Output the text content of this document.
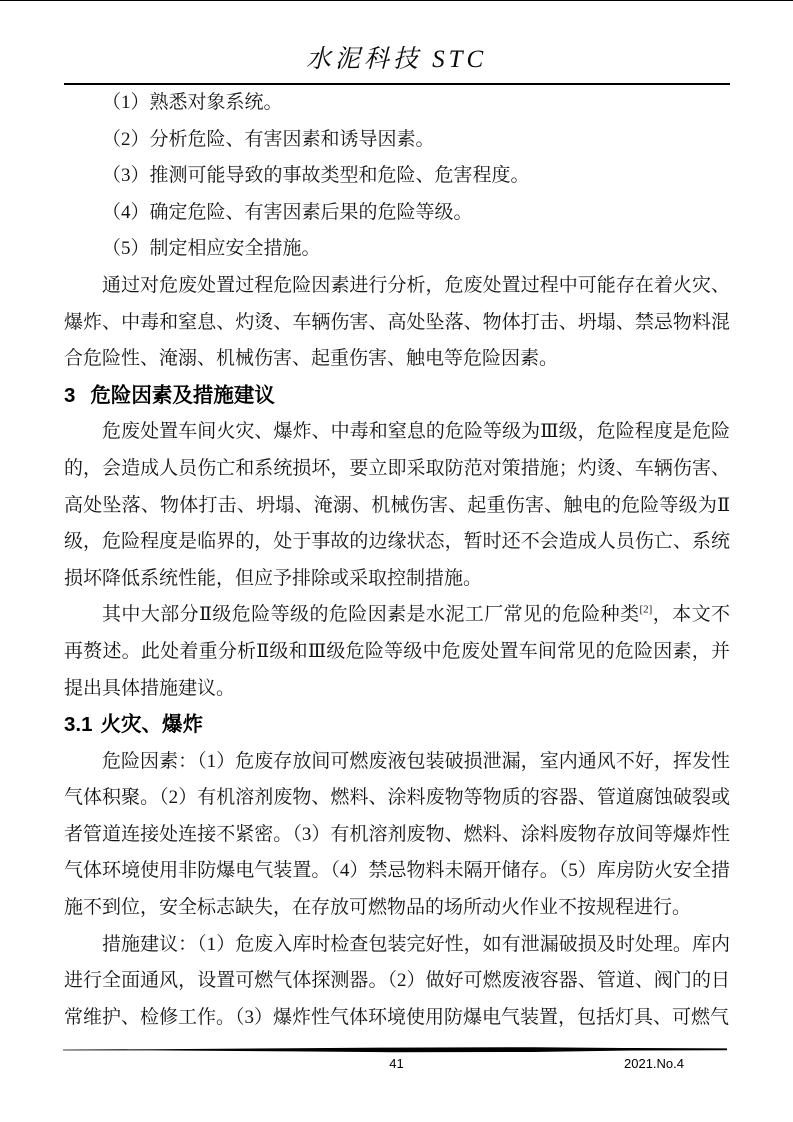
水泥科技 STC

（1）熟悉对象系统。

（2）分析危险、有害因素和诱导因素。

（3）推测可能导致的事故类型和危险、危害程度。

（4）确定危险、有害因素后果的危险等级。

（5）制定相应安全措施。

通过对危废处置过程危险因素进行分析，危废处置过程中可能存在着火灾、爆炸、中毒和窒息、灼烫、车辆伤害、高处坠落、物体打击、坍塌、禁忌物料混合危险性、淹溺、机械伤害、起重伤害、触电等危险因素。

3 危险因素及措施建议

危废处置车间火灾、爆炸、中毒和窒息的危险等级为Ⅲ级，危险程度是危险的，会造成人员伤亡和系统损坏，要立即采取防范对策措施；灼烫、车辆伤害、高处坠落、物体打击、坍塌、淹溺、机械伤害、起重伤害、触电的危险等级为Ⅱ级，危险程度是临界的，处于事故的边缘状态，暂时还不会造成人员伤亡、系统损坏降低系统性能，但应予排除或采取控制措施。

其中大部分Ⅱ级危险等级的危险因素是水泥工厂常见的危险种类[2]，本文不再赘述。此处着重分析Ⅱ级和Ⅲ级危险等级中危废处置车间常见的危险因素，并提出具体措施建议。

3.1 火灾、爆炸

危险因素：（1）危废存放间可燃废液包装破损泄漏，室内通风不好，挥发性气体积聚。（2）有机溶剂废物、燃料、涂料废物等物质的容器、管道腐蚀破裂或者管道连接处连接不紧密。（3）有机溶剂废物、燃料、涂料废物存放间等爆炸性气体环境使用非防爆电气装置。（4）禁忌物料未隔开储存。（5）库房防火安全措施不到位，安全标志缺失，在存放可燃物品的场所动火作业不按规程进行。

措施建议：（1）危废入库时检查包装完好性，如有泄漏破损及时处理。库内进行全面通风，设置可燃气体探测器。（2）做好可燃废液容器、管道、阀门的日常维护、检修工作。（3）爆炸性气体环境使用防爆电气装置，包括灯具、可燃气

41	2021.No.4
